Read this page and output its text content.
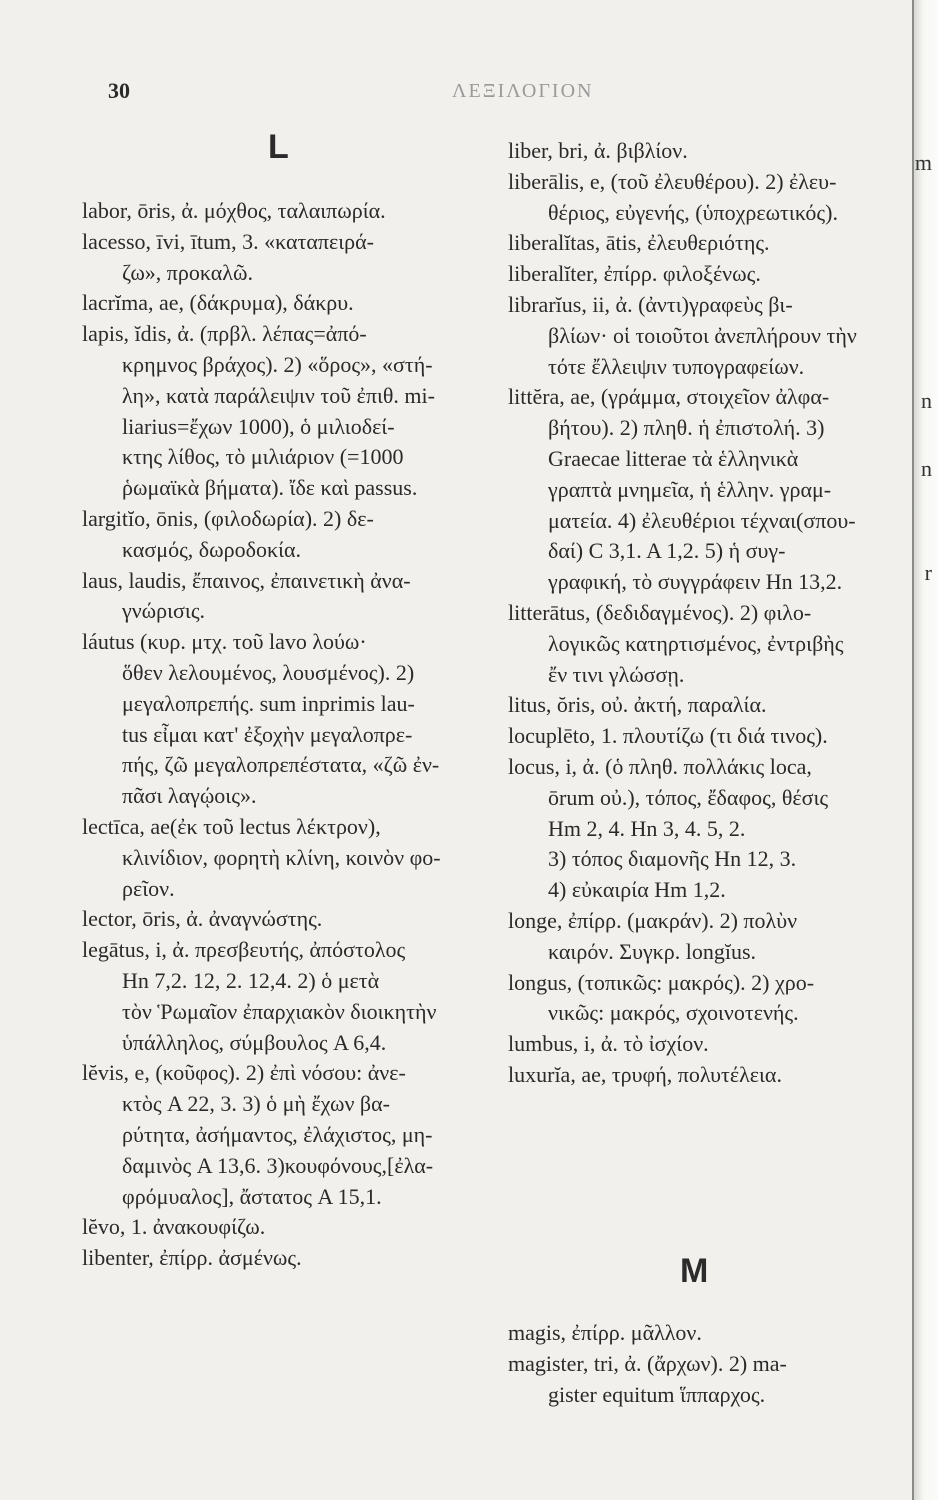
m
n
n
r
30	ΛΕΞΙΛΟΓΙΟΝ
L
M
labor, ōris, ἀ. μόχθος, ταλαιπωρία.
lacesso, īvi, ītum, 3. «καταπειρά-
ζω», προκαλῶ.
lacrĭma, ae, (δάκρυμα), δάκρυ.
lapis, ĭdis, ἀ. (πρβλ. λέπας=ἀπό-
κρημνος βράχος). 2) «ὅρος», «στή-
λη», κατὰ παράλειψιν τοῦ ἐπιθ. mi-
liarius=ἔχων 1000), ὁ μιλιοδεί-
κτης λίθος, τὸ μιλιάριον (=1000
ῥωμαϊκὰ βήματα). ἴδε καὶ passus.
largitĭo, ōnis, (φιλοδωρία). 2) δε-
κασμός, δωροδοκία.
laus, laudis, ἔπαινος, ἐπαινετικὴ ἀνα-
γνώρισις.
láutus (κυρ. μτχ. τοῦ lavo λούω·
ὅθεν λελουμένος, λουσμένος). 2)
μεγαλοπρεπής. sum inprimis lau-
tus εἶμαι κατ' ἐξοχὴν μεγαλοπρε-
πής, ζῶ μεγαλοπρεπέστατα, «ζῶ ἐν-
πᾶσι λαγῴοις».
lectīca, ae(ἐκ τοῦ lectus λέκτρον),
κλινίδιον, φορητὴ κλίνη, κοινὸν φο-
ρεῖον.
lector, ōris, ἀ. ἀναγνώστης.
legātus, i, ἀ. πρεσβευτής, ἀπόστολος
Hn 7,2. 12, 2. 12,4. 2) ὁ μετὰ
τὸν Ῥωμαῖον ἐπαρχιακὸν διοικητὴν
ὑπάλληλος, σύμβουλος A 6,4.
lĕvis, e, (κοῦφος). 2) ἐπὶ νόσου: ἀνε-
κτὸς A 22, 3. 3) ὁ μὴ ἔχων βα-
ρύτητα, ἀσήμαντος, ἐλάχιστος, μη-
δαμινὸς A 13,6. 3)κουφόνους,[ἐλα-
φρόμυαλος], ἄστατος A 15,1.
lĕvo, 1. ἀνακουφίζω.
libenter, ἐπίρρ. ἀσμένως.
liber, bri, ἀ. βιβλίον.
liberālis, e, (τοῦ ἐλευθέρου). 2) ἐλευ-
θέριος, εὐγενής, (ὑποχρεωτικός).
liberalĭtas, ātis, ἐλευθεριότης.
liberalĭter, ἐπίρρ. φιλοξένως.
librarĭus, ii, ἀ. (ἀντι)γραφεὺς βι-
βλίων· οἱ τοιοῦτοι ἀνεπλήρουν τὴν
τότε ἔλλειψιν τυπογραφείων.
littĕra, ae, (γράμμα, στοιχεῖον ἀλφα-
βήτου). 2) πληθ. ἡ ἐπιστολή. 3)
Graecae litterae τὰ ἑλληνικὰ
γραπτὰ μνημεῖα, ἡ ἑλλην. γραμ-
ματεία. 4) ἐλευθέριοι τέχναι(σπου-
δαί) C 3,1. A 1,2. 5) ἡ συγ-
γραφική, τὸ συγγράφειν Hn 13,2.
litterātus, (δεδιδαγμένος). 2) φιλο-
λογικῶς κατηρτισμένος, ἐντριβὴς
ἔν τινι γλώσσῃ.
litus, ŏris, οὐ. ἀκτή, παραλία.
locuplēto, 1. πλουτίζω (τι διά τινος).
locus, i, ἀ. (ὁ πληθ. πολλάκις loca,
ōrum οὐ.), τόπος, ἔδαφος, θέσις
Hm 2, 4. Hn 3, 4. 5, 2.
3) τόπος διαμονῆς Hn 12, 3.
4) εὐκαιρία Hm 1,2.
longe, ἐπίρρ. (μακράν). 2) πολὺν
καιρόν. Συγκρ. longĭus.
longus, (τοπικῶς: μακρός). 2) χρο-
νικῶς: μακρός, σχοινοτενής.
lumbus, i, ἀ. τὸ ἰσχίον.
luxurĭa, ae, τρυφή, πολυτέλεια.
magis, ἐπίρρ. μᾶλλον.
magister, tri, ἀ. (ἄρχων). 2) ma-
gister equitum ἵππαρχος.
